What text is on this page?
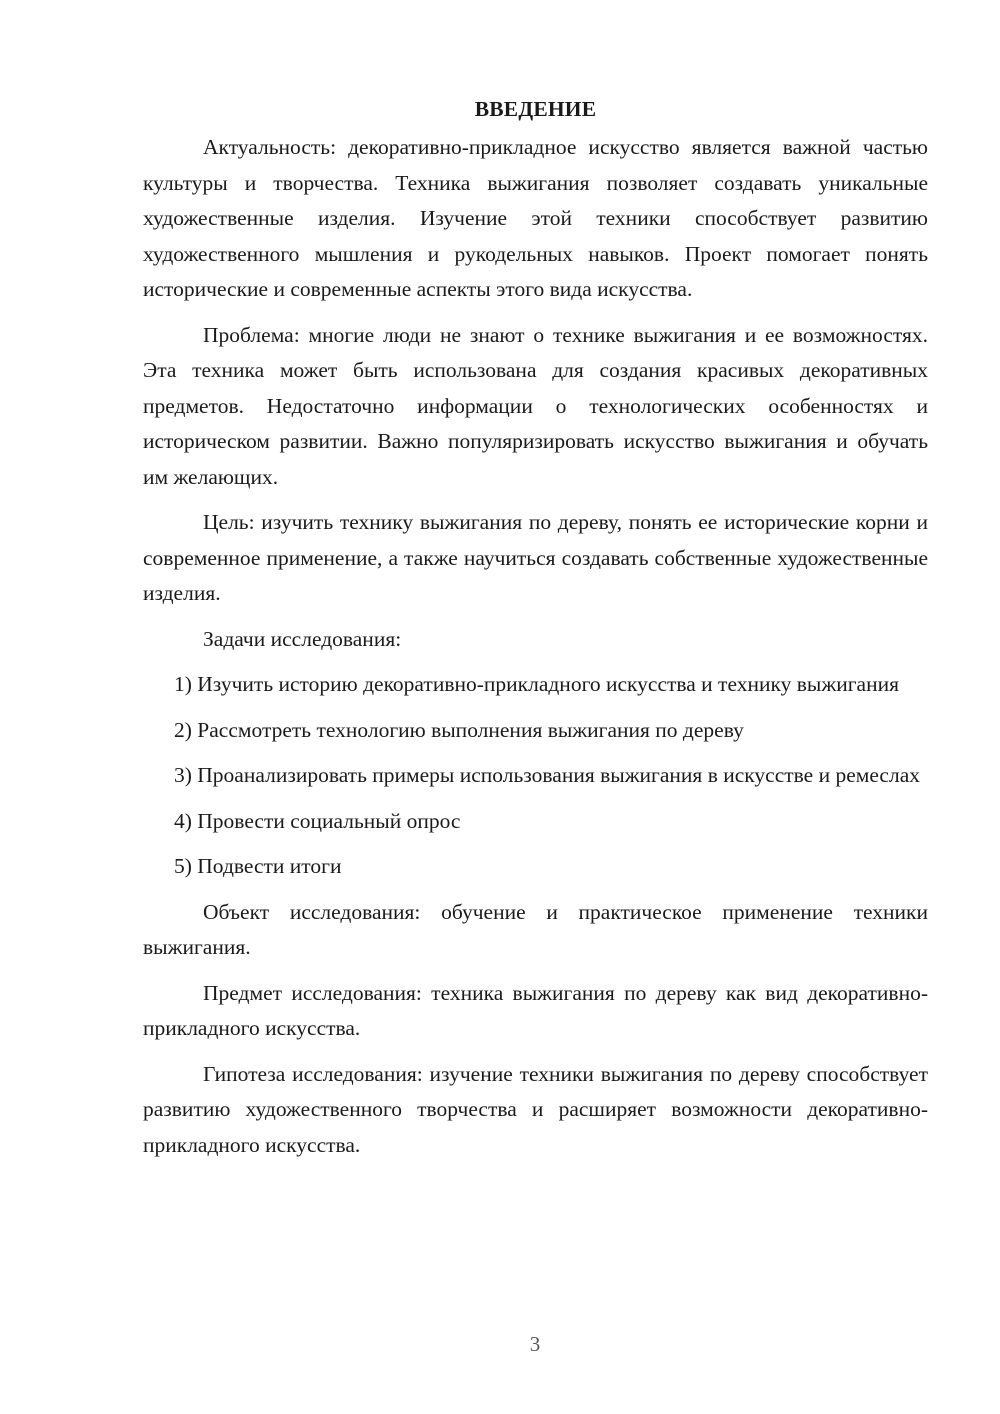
ВВЕДЕНИЕ

Актуальность: декоративно-прикладное искусство является важной частью культуры и творчества. Техника выжигания позволяет создавать уникальные художественные изделия. Изучение этой техники способствует развитию художественного мышления и рукодельных навыков. Проект помогает понять исторические и современные аспекты этого вида искусства.

Проблема: многие люди не знают о технике выжигания и ее возможностях. Эта техника может быть использована для создания красивых декоративных предметов. Недостаточно информации о технологических особенностях и историческом развитии. Важно популяризировать искусство выжигания и обучать им желающих.

Цель: изучить технику выжигания по дереву, понять ее исторические корни и современное применение, а также научиться создавать собственные художественные изделия.

Задачи исследования:

1) Изучить историю декоративно-прикладного искусства и технику выжигания

2) Рассмотреть технологию выполнения выжигания по дереву

3) Проанализировать примеры использования выжигания в искусстве и ремеслах

4) Провести социальный опрос

5) Подвести итоги

Объект исследования: обучение и практическое применение техники выжигания.

Предмет исследования: техника выжигания по дереву как вид декоративно-прикладного искусства.

Гипотеза исследования: изучение техники выжигания по дереву способствует развитию художественного творчества и расширяет возможности декоративно-прикладного искусства.

3
